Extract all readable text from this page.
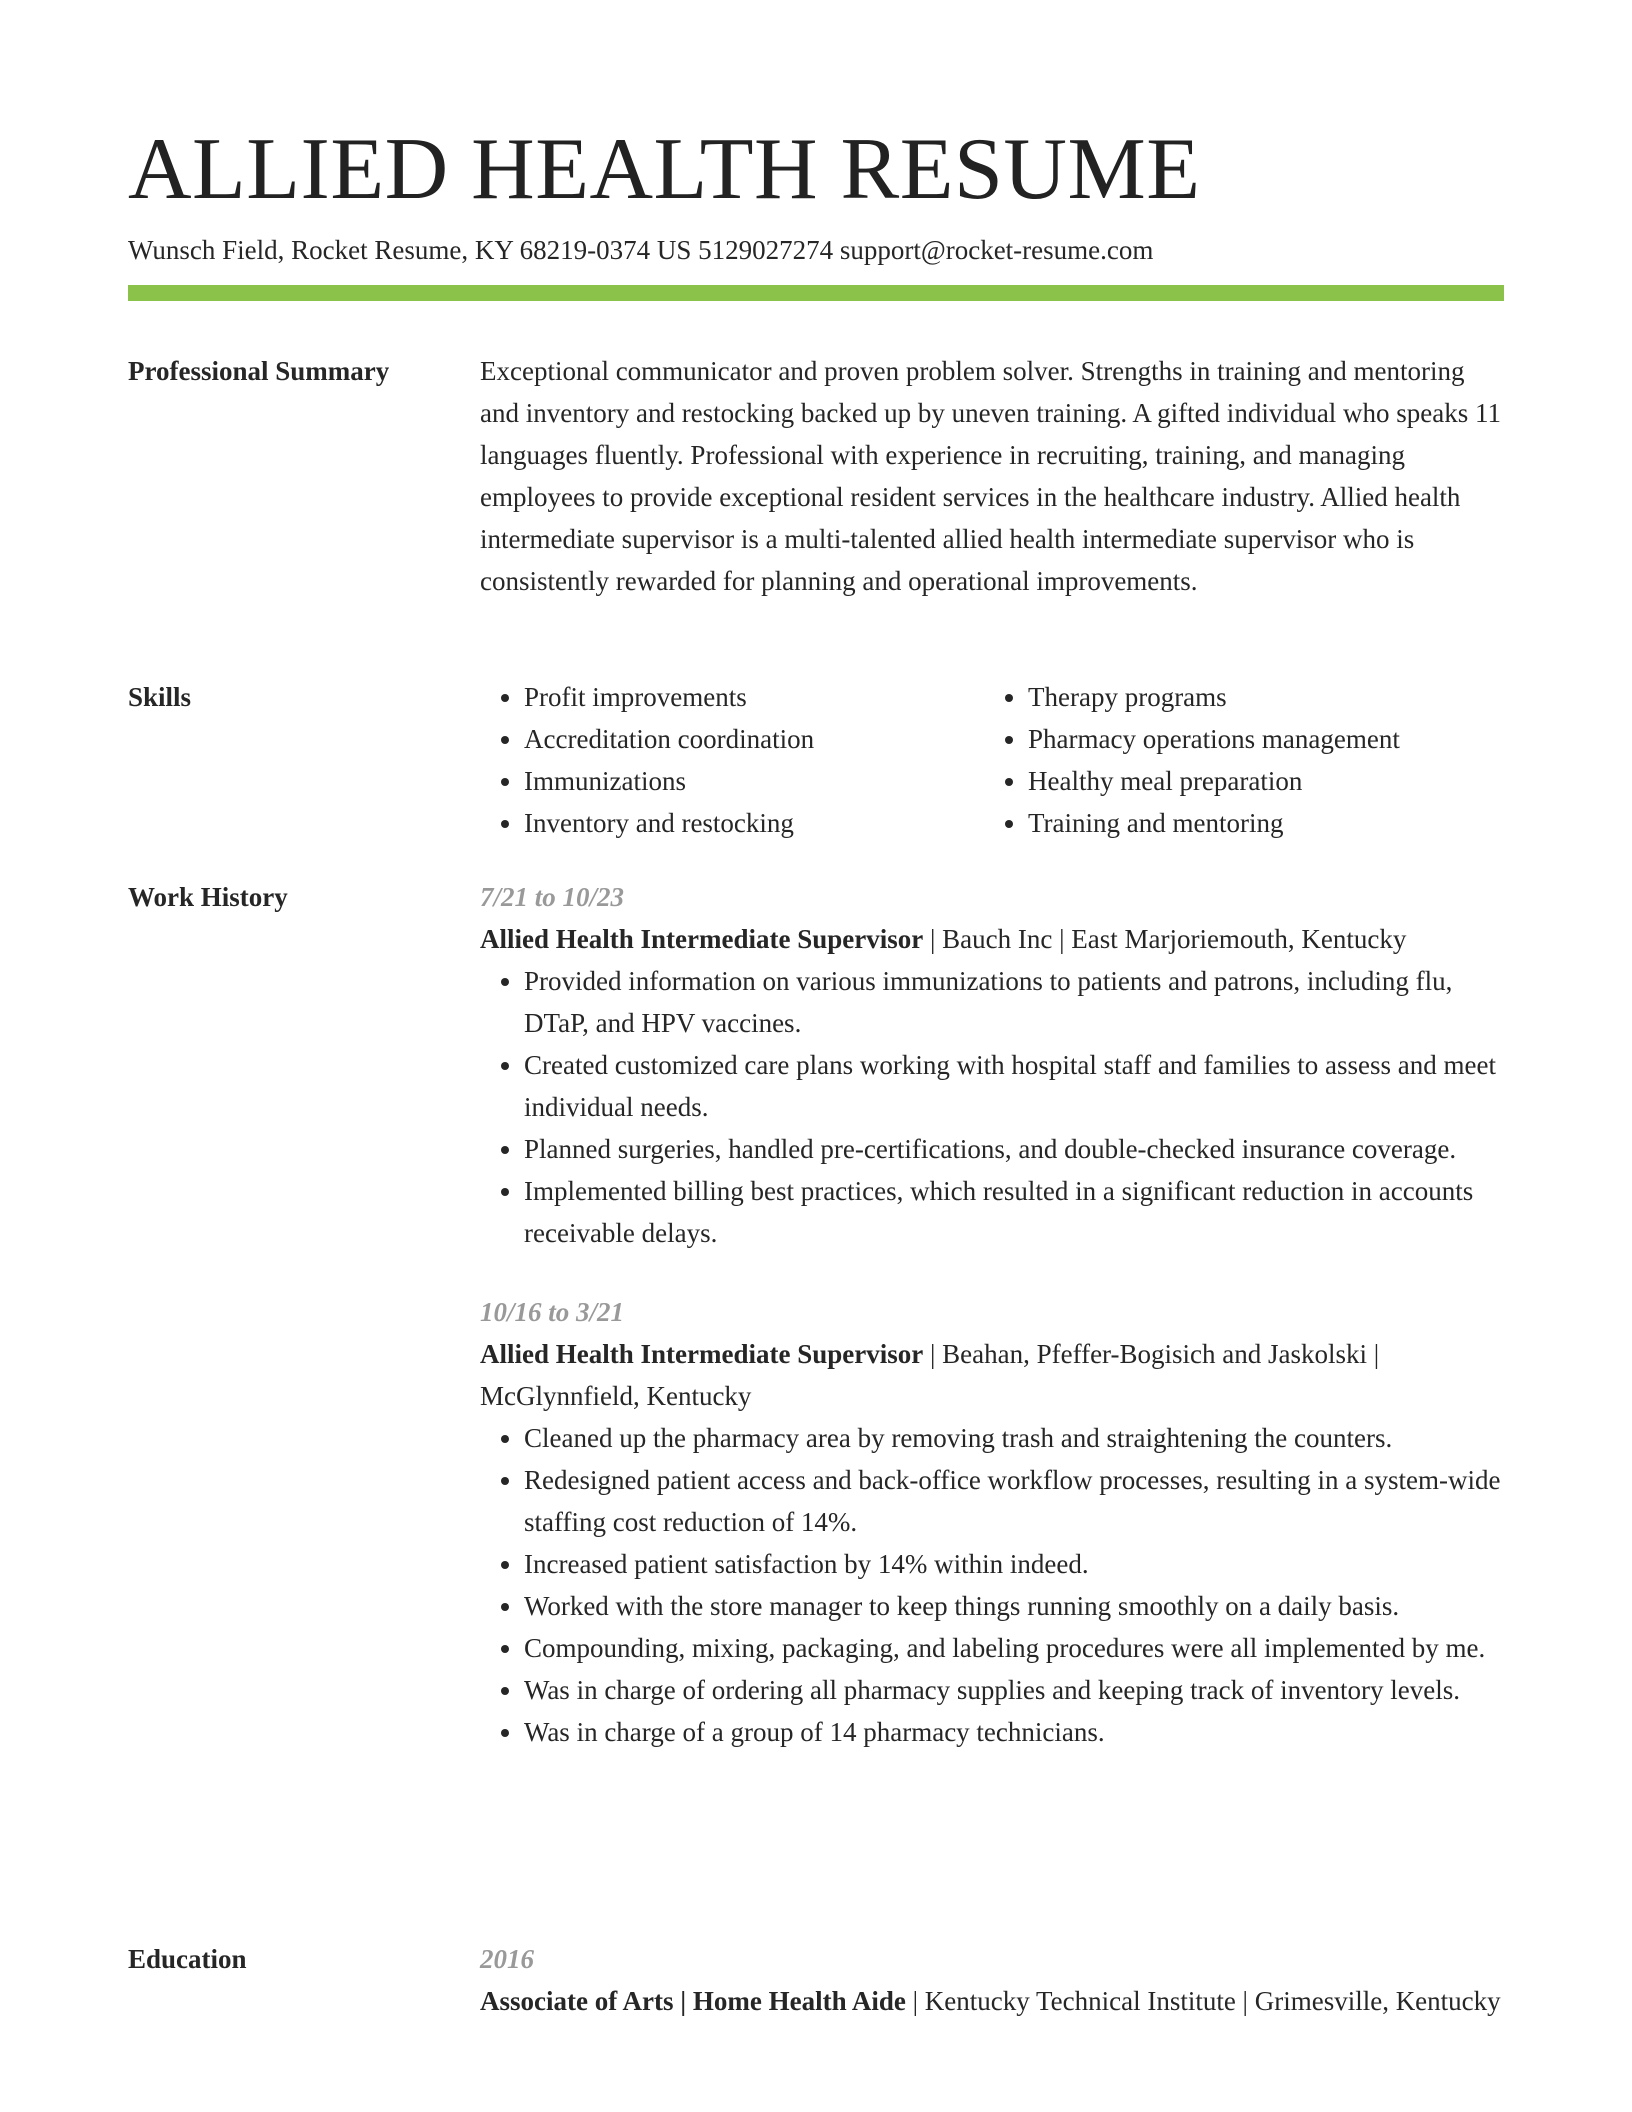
ALLIED HEALTH RESUME
Wunsch Field, Rocket Resume, KY 68219-0374 US 5129027274 support@rocket-resume.com
Professional Summary	Exceptional communicator and proven problem solver. Strengths in training and mentoring and inventory and restocking backed up by uneven training. A gifted individual who speaks 11 languages fluently. Professional with experience in recruiting, training, and managing employees to provide exceptional resident services in the healthcare industry. Allied health intermediate supervisor is a multi-talented allied health intermediate supervisor who is consistently rewarded for planning and operational improvements.

Skills
•	Profit improvements
• Accreditation coordination
• Immunizations
• Inventory and restocking
• Therapy programs
• Pharmacy operations management
• Healthy meal preparation
• Training and mentoring
Work History	7/21 to 10/23

Allied Health Intermediate Supervisor | Bauch Inc | East Marjoriemouth, Kentucky

• Provided information on various immunizations to patients and patrons, including flu, DTaP, and HPV vaccines.
• Created customized care plans working with hospital staff and families to assess and meet individual needs.
• Planned surgeries, handled pre-certifications, and double-checked insurance coverage.
• Implemented billing best practices, which resulted in a significant reduction in accounts receivable delays.
10/16 to 3/21

Allied Health Intermediate Supervisor | Beahan, Pfeffer-Bogisich and Jaskolski | McGlynnfield, Kentucky

• Cleaned up the pharmacy area by removing trash and straightening the counters.
• Redesigned patient access and back-office workflow processes, resulting in a system-wide staffing cost reduction of 14%.
• Increased patient satisfaction by 14% within indeed.
• Worked with the store manager to keep things running smoothly on a daily basis.
• Compounding, mixing, packaging, and labeling procedures were all implemented by me.
• Was in charge of ordering all pharmacy supplies and keeping track of inventory levels.
• Was in charge of a group of 14 pharmacy technicians.
Education	2016

Associate of Arts | Home Health Aide | Kentucky Technical Institute | Grimesville, Kentucky
